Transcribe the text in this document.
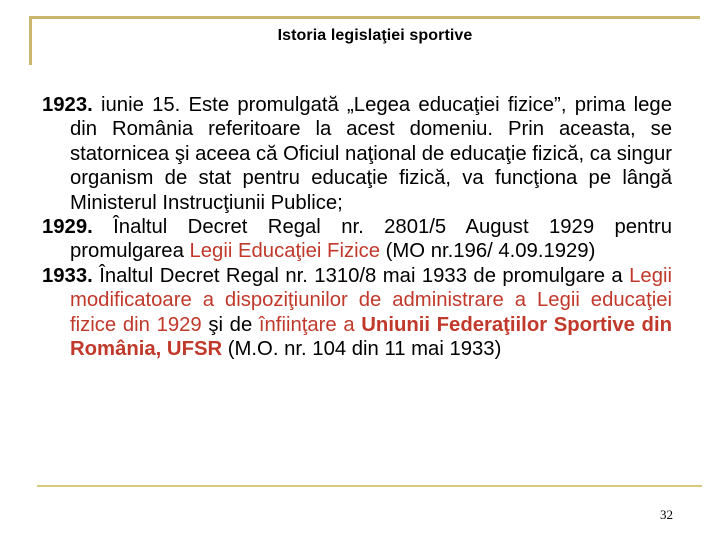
Istoria legislaţiei sportive
1923. iunie 15. Este promulgată „Legea educaţiei fizice”, prima lege din România referitoare la acest domeniu. Prin aceasta, se statornicea şi aceea că Oficiul naţional de educaţie fizică, ca singur organism de stat pentru educaţie fizică, va funcţiona pe lângă Ministerul Instrucţiunii Publice;
1929. Înaltul Decret Regal nr. 2801/5 August 1929 pentru promulgarea Legii Educaţiei Fizice (MO nr.196/ 4.09.1929)
1933. Înaltul Decret Regal nr. 1310/8 mai 1933 de promulgare a Legii modificatoare a dispoziţiunilor de administrare a Legii educaţiei fizice din 1929 şi de înfiinţare a Uniunii Federaţiilor Sportive din România, UFSR (M.O. nr. 104 din 11 mai 1933)
32
